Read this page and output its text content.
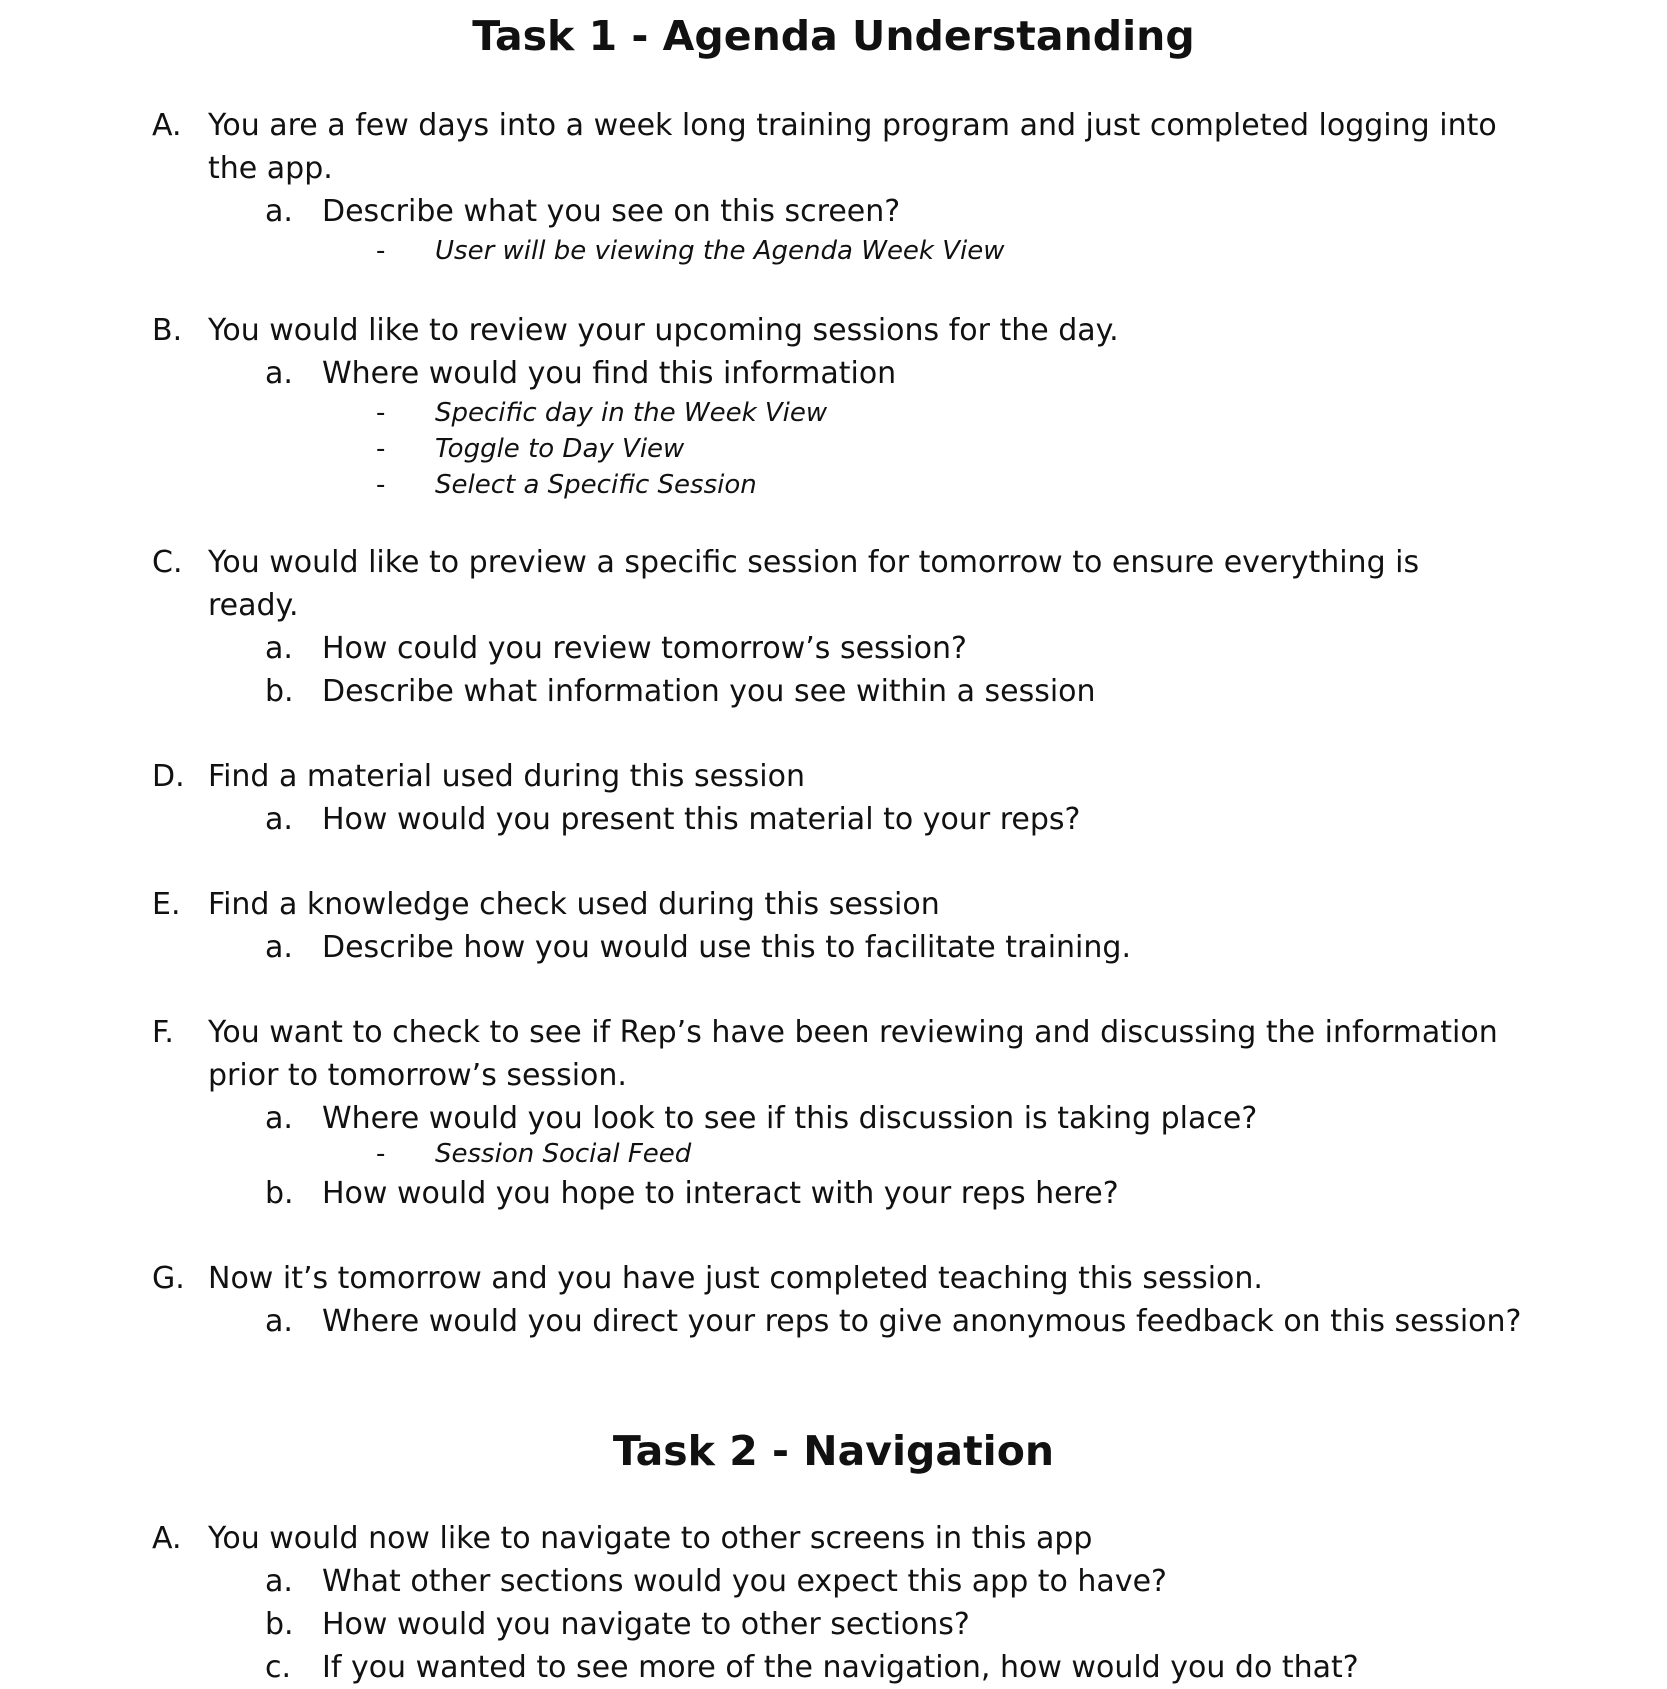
Task 1 - Agenda Understanding
A. You are a few days into a week long training program and just completed logging into
the app.
a. Describe what you see on this screen?
- User will be viewing the Agenda Week View
B. You would like to review your upcoming sessions for the day.
a. Where would you find this information
- Specific day in the Week View
- Toggle to Day View
- Select a Specific Session
C. You would like to preview a specific session for tomorrow to ensure everything is
ready.
a. How could you review tomorrow’s session?
b. Describe what information you see within a session
D. Find a material used during this session
a. How would you present this material to your reps?
E. Find a knowledge check used during this session
a. Describe how you would use this to facilitate training.
F. You want to check to see if Rep’s have been reviewing and discussing the information
prior to tomorrow’s session.
a. Where would you look to see if this discussion is taking place?
- Session Social Feed
b. How would you hope to interact with your reps here?
G. Now it’s tomorrow and you have just completed teaching this session.
a. Where would you direct your reps to give anonymous feedback on this session?
Task 2 - Navigation
A. You would now like to navigate to other screens in this app
a. What other sections would you expect this app to have?
b. How would you navigate to other sections?
c. If you wanted to see more of the navigation, how would you do that?
